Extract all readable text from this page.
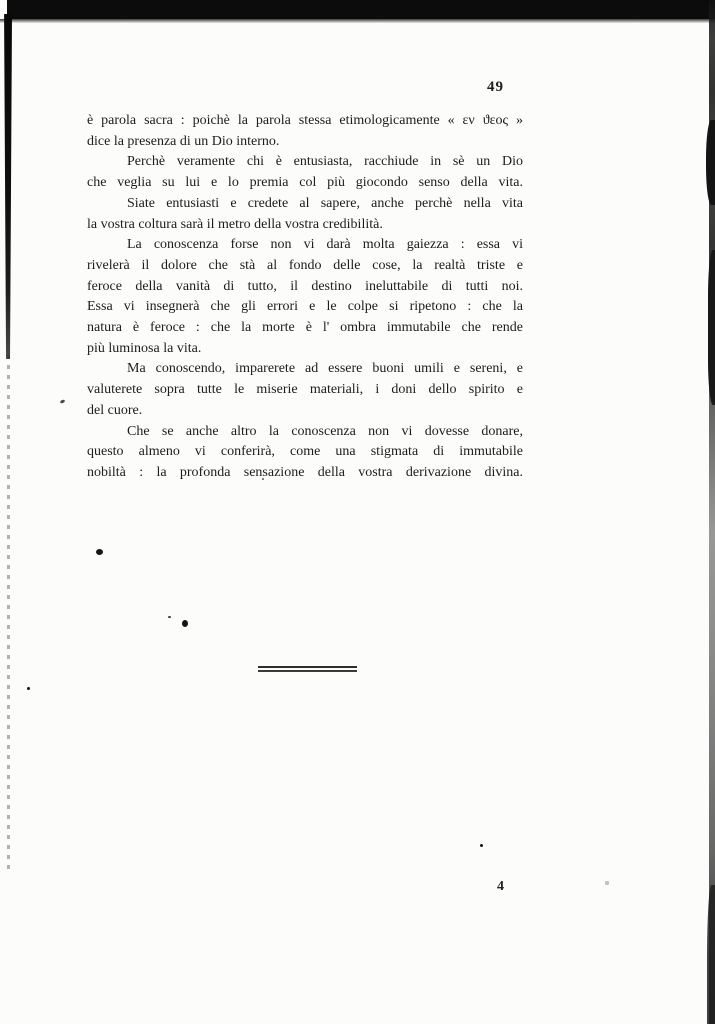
49
è parola sacra : poichè la parola stessa etimologicamente « εν ϑεος »
dice la presenza di un Dio interno.
Perchè veramente chi è entusiasta, racchiude in sè un Dio
che veglia su lui e lo premia col più giocondo senso della vita.
Siate entusiasti e credete al sapere, anche perchè nella vita
la vostra coltura sarà il metro della vostra credibilità.
La conoscenza forse non vi darà molta gaiezza : essa vi
rivelerà il dolore che stà al fondo delle cose, la realtà triste e
feroce della vanità di tutto, il destino ineluttabile di tutti noi.
Essa vi insegnerà che gli errori e le colpe si ripetono : che la
natura è feroce : che la morte è l' ombra immutabile che rende
più luminosa la vita.
Ma conoscendo, imparerete ad essere buoni umili e sereni, e
valuterete sopra tutte le miserie materiali, i doni dello spirito e
del cuore.
Che se anche altro la conoscenza non vi dovesse donare,
questo almeno vi conferirà, come una stigmata di immutabile
nobiltà : la profonda sensazione della vostra derivazione divina.
4
